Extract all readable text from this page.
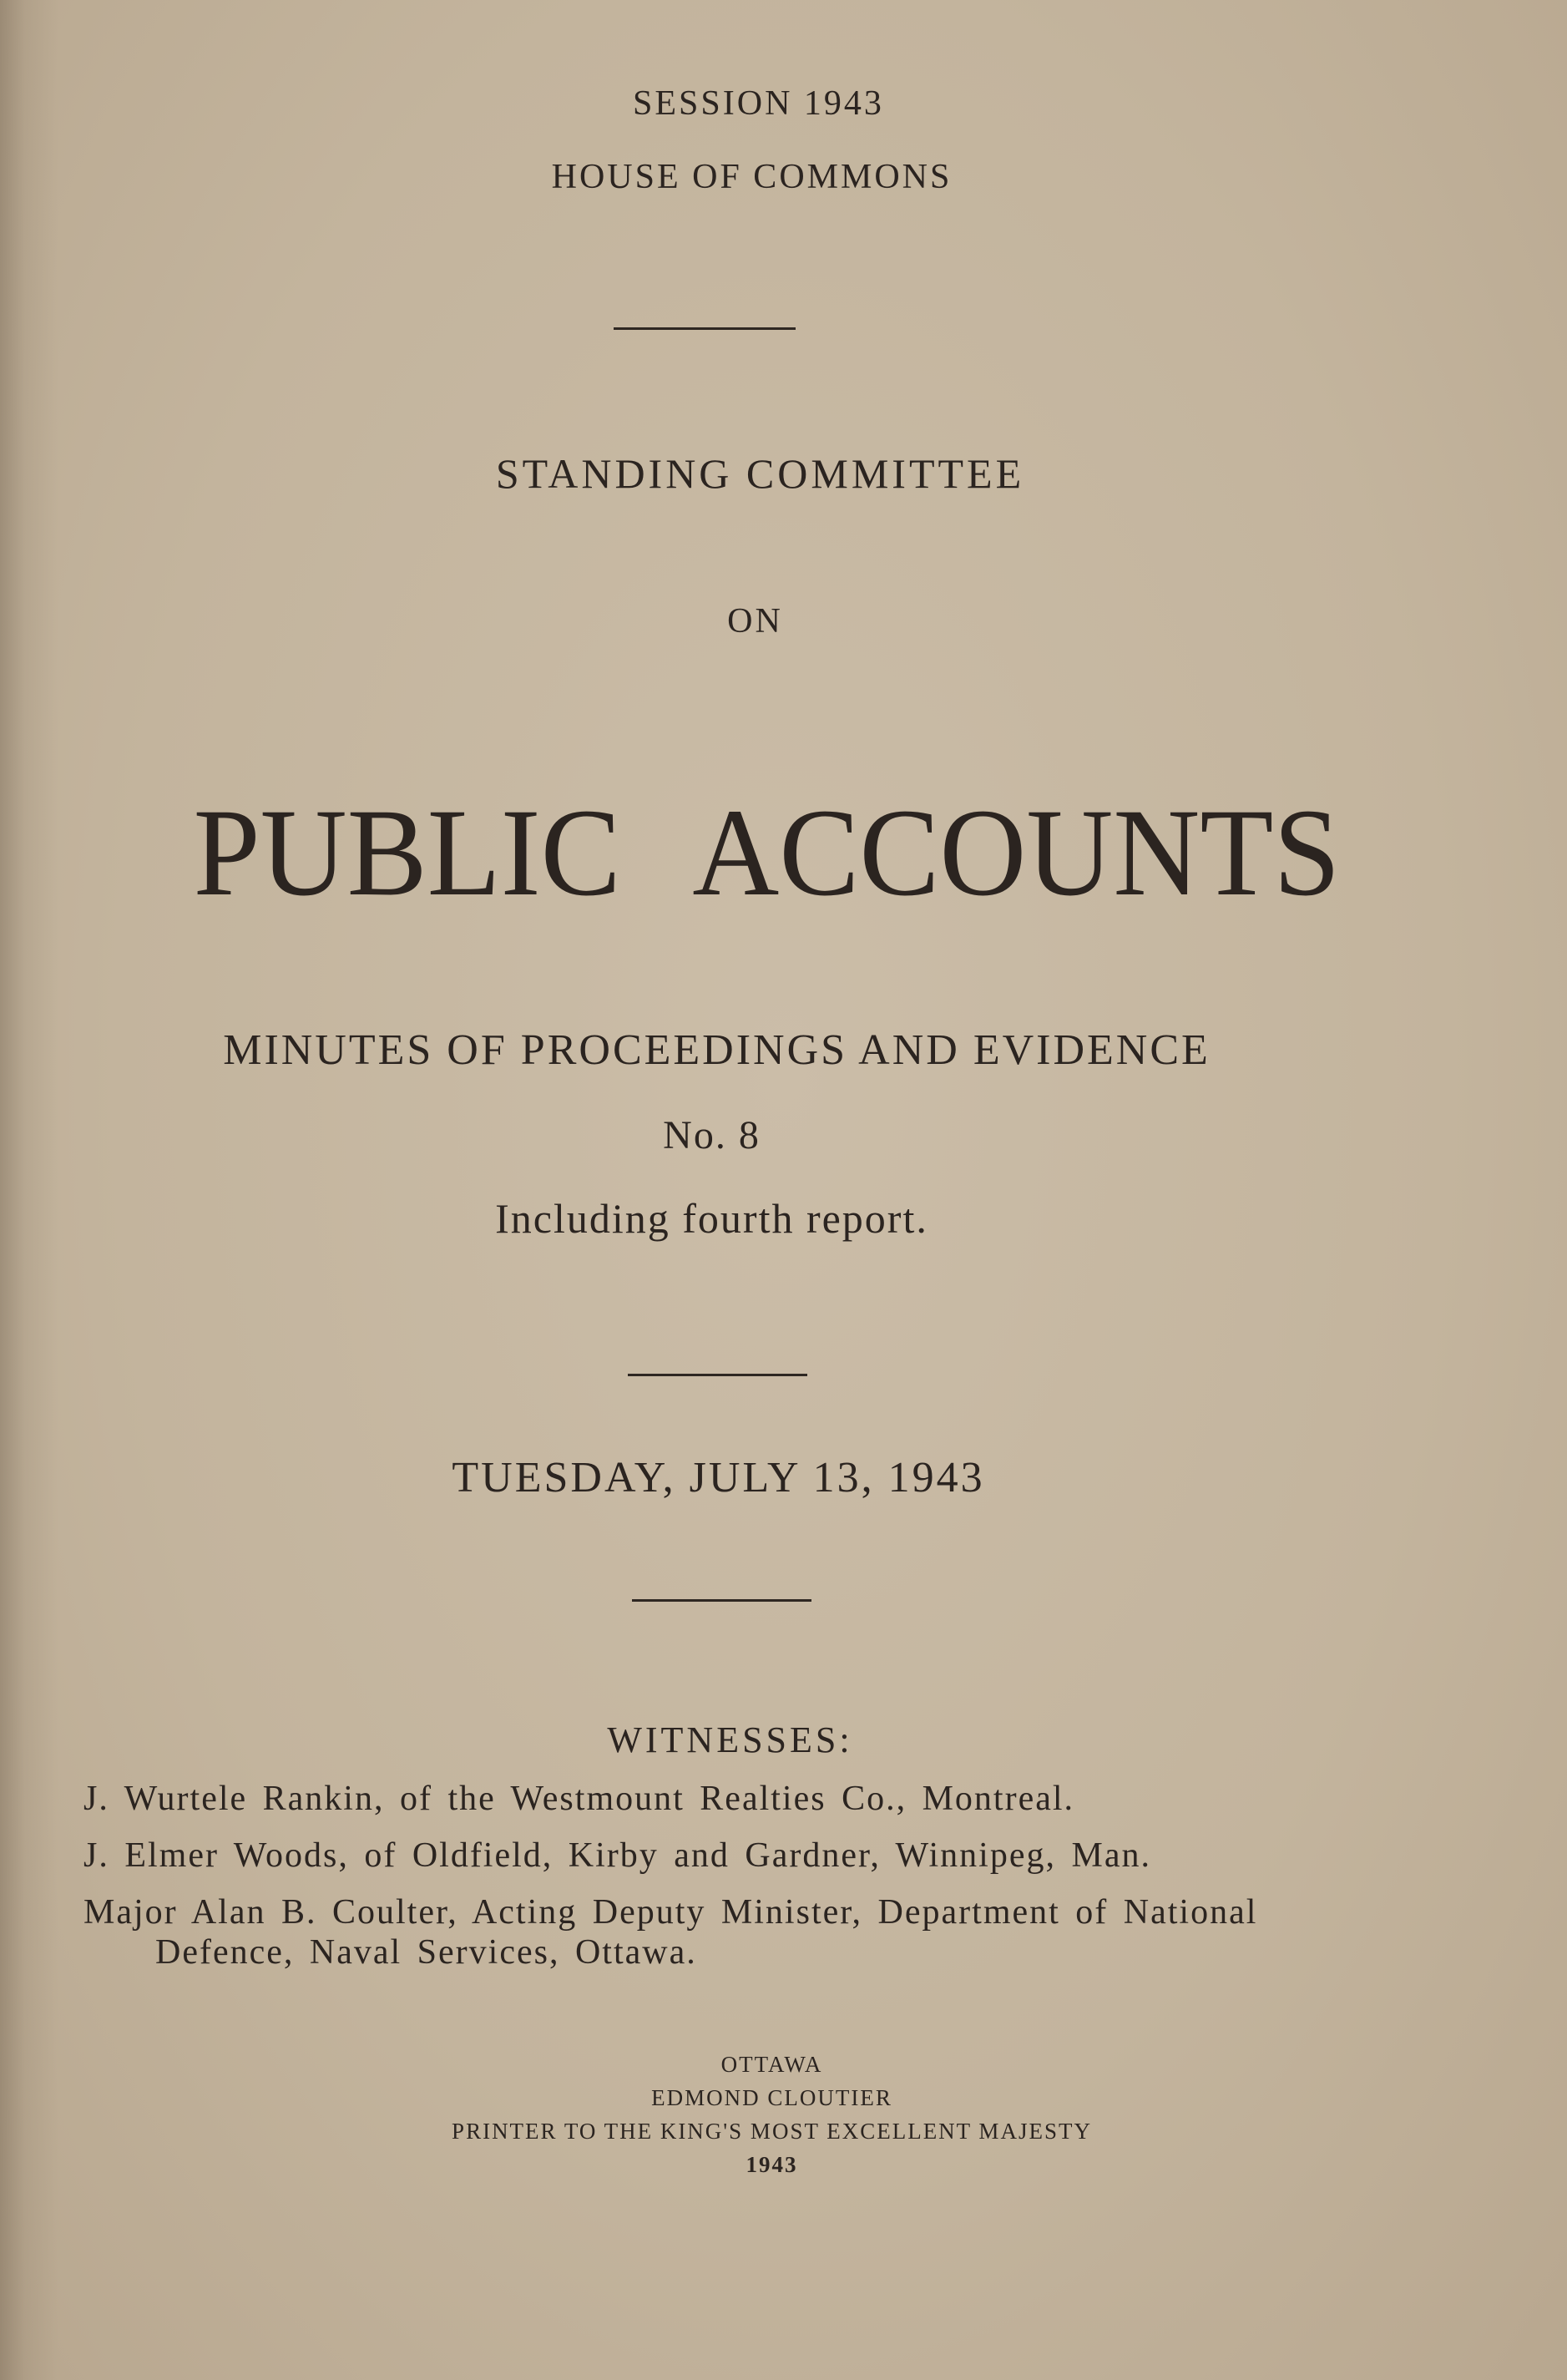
SESSION 1943
HOUSE OF COMMONS
STANDING COMMITTEE
ON
PUBLIC ACCOUNTS
MINUTES OF PROCEEDINGS AND EVIDENCE
No. 8
Including fourth report.
TUESDAY, JULY 13, 1943
WITNESSES:
J. Wurtele Rankin, of the Westmount Realties Co., Montreal.
J. Elmer Woods, of Oldfield, Kirby and Gardner, Winnipeg, Man.
Major Alan B. Coulter, Acting Deputy Minister, Department of National Defence, Naval Services, Ottawa.
OTTAWA
EDMOND CLOUTIER
PRINTER TO THE KING'S MOST EXCELLENT MAJESTY
1943
